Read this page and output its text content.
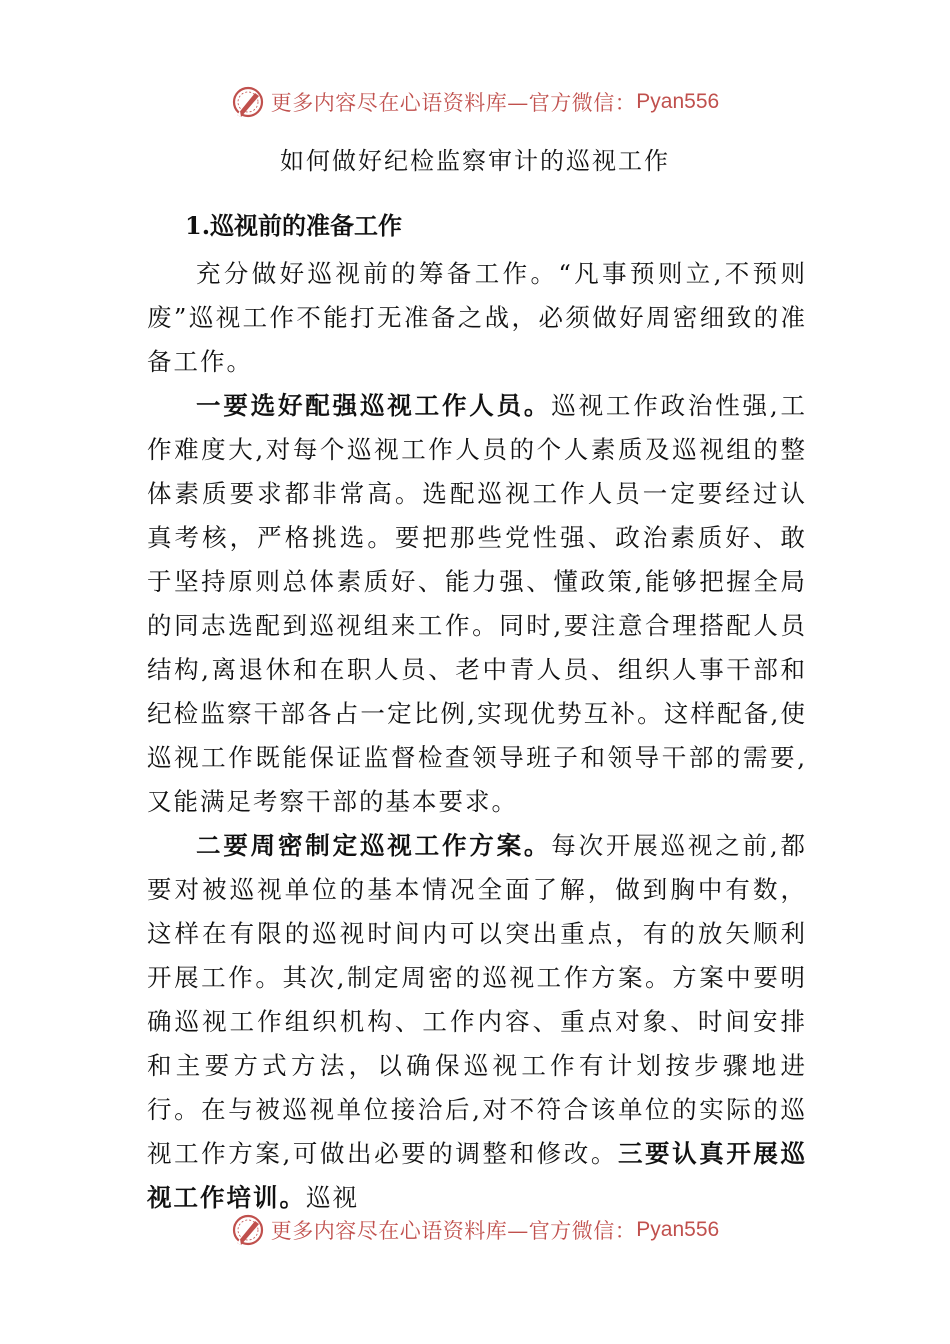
更多内容尽在心语资料库—官方微信： Pyan556
如何做好纪检监察审计的巡视工作
1.巡视前的准备工作

充分做好巡视前的筹备工作。“凡事预则立,不预则废”巡视工作不能打无准备之战，必须做好周密细致的准备工作。

一要选好配强巡视工作人员。巡视工作政治性强,工作难度大,对每个巡视工作人员的个人素质及巡视组的整体素质要求都非常高。选配巡视工作人员一定要经过认真考核，严格挑选。要把那些党性强、政治素质好、敢于坚持原则总体素质好、能力强、懂政策,能够把握全局的同志选配到巡视组来工作。同时,要注意合理搭配人员结构,离退休和在职人员、老中青人员、组织人事干部和纪检监察干部各占一定比例,实现优势互补。这样配备,使巡视工作既能保证监督检查领导班子和领导干部的需要,又能满足考察干部的基本要求。

二要周密制定巡视工作方案。每次开展巡视之前,都要对被巡视单位的基本情况全面了解，做到胸中有数，这样在有限的巡视时间内可以突出重点，有的放矢顺利开展工作。其次,制定周密的巡视工作方案。方案中要明确巡视工作组织机构、工作内容、重点对象、时间安排和主要方式方法，以确保巡视工作有计划按步骤地进行。在与被巡视单位接洽后,对不符合该单位的实际的巡视工作方案,可做出必要的调整和修改。三要认真开展巡视工作培训。巡视

更多内容尽在心语资料库—官方微信： Pyan556
